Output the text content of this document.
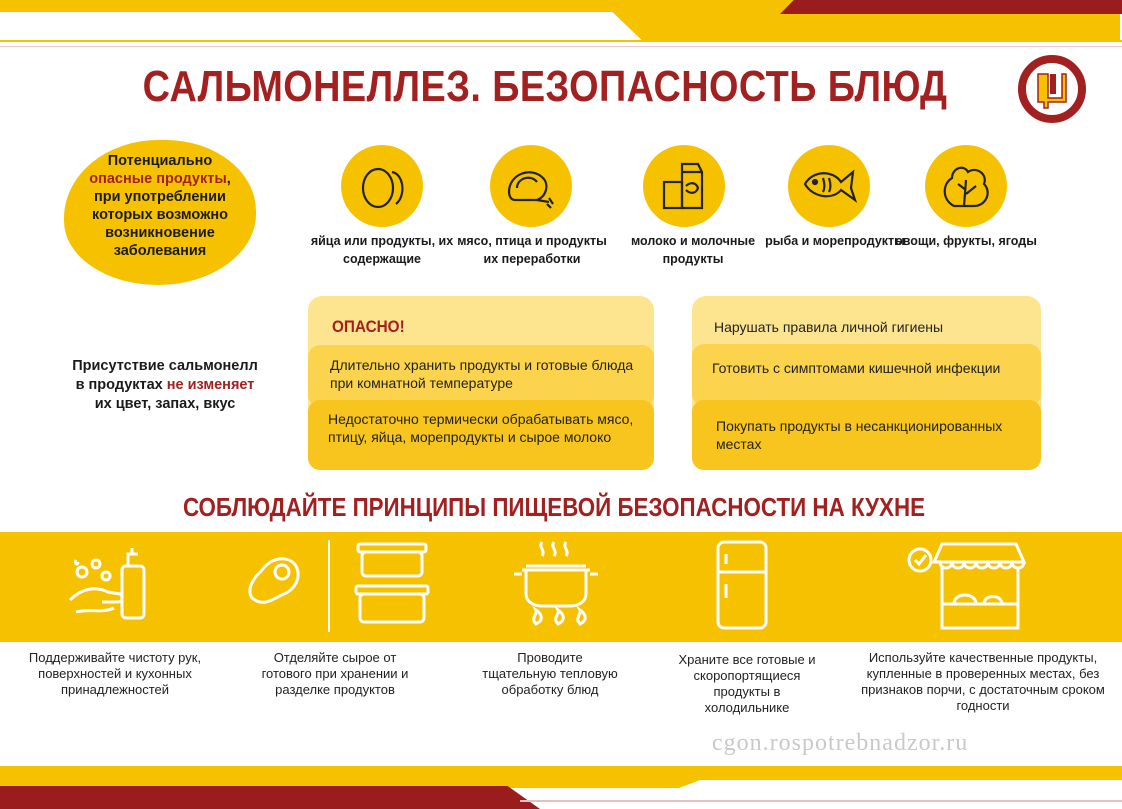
САЛЬМОНЕЛЛЕЗ. БЕЗОПАСНОСТЬ БЛЮД
Потенциально
опасные продукты,
при употреблении которых возможно возникновение заболевания
яйца или продукты, их содержащие
мясо, птица и продукты их переработки
молоко и молочные продукты
рыба и морепродукты
овощи, фрукты, ягоды
Присутствие сальмонелл
в продуктах не изменяет
их цвет, запах, вкус
ОПАСНО!
Длительно хранить продукты и готовые блюда при комнатной температуре
Недостаточно термически обрабатывать мясо, птицу, яйца, морепродукты и сырое молоко
Нарушать правила личной гигиены
Готовить с симптомами кишечной инфекции
Покупать продукты в несанкционированных местах
СОБЛЮДАЙТЕ ПРИНЦИПЫ ПИЩЕВОЙ БЕЗОПАСНОСТИ НА КУХНЕ
Поддерживайте чистоту рук, поверхностей и кухонных принадлежностей
Отделяйте сырое от готового при хранении и разделке продуктов
Проводите тщательную тепловую обработку блюд
Храните все готовые и скоропортящиеся продукты в холодильнике
Используйте качественные продукты, купленные в проверенных местах, без признаков порчи, с достаточным сроком годности
cgon.rospotrebnadzor.ru
